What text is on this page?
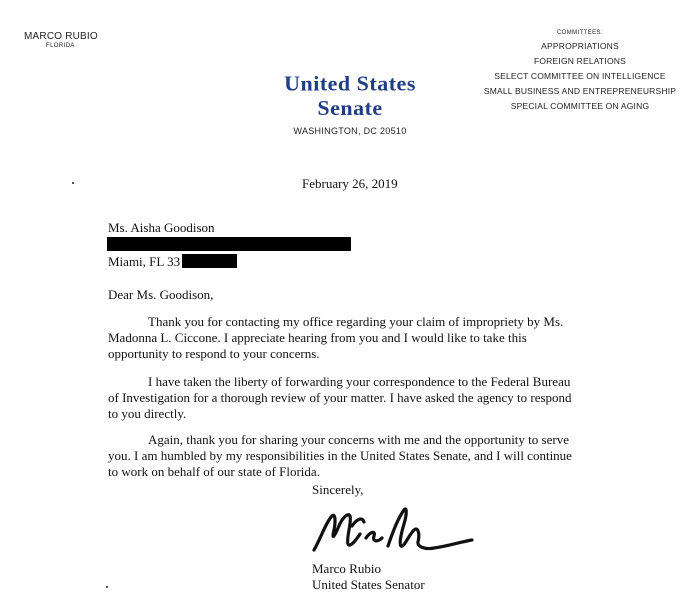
MARCO RUBIO
FLORIDA
United States Senate
WASHINGTON, DC 20510
COMMITTEES:
APPROPRIATIONS
FOREIGN RELATIONS
SELECT COMMITTEE ON INTELLIGENCE
SMALL BUSINESS AND ENTREPRENEURSHIP
SPECIAL COMMITTEE ON AGING
February 26, 2019
Ms. Aisha Goodison
Miami, FL 33
Dear Ms. Goodison,
Thank you for contacting my office regarding your claim of impropriety by Ms. Madonna L. Ciccone. I appreciate hearing from you and I would like to take this opportunity to respond to your concerns.
I have taken the liberty of forwarding your correspondence to the Federal Bureau of Investigation for a thorough review of your matter. I have asked the agency to respond to you directly.
Again, thank you for sharing your concerns with me and the opportunity to serve you. I am humbled by my responsibilities in the United States Senate, and I will continue to work on behalf of our state of Florida.
Sincerely,
Marco Rubio
United States Senator
